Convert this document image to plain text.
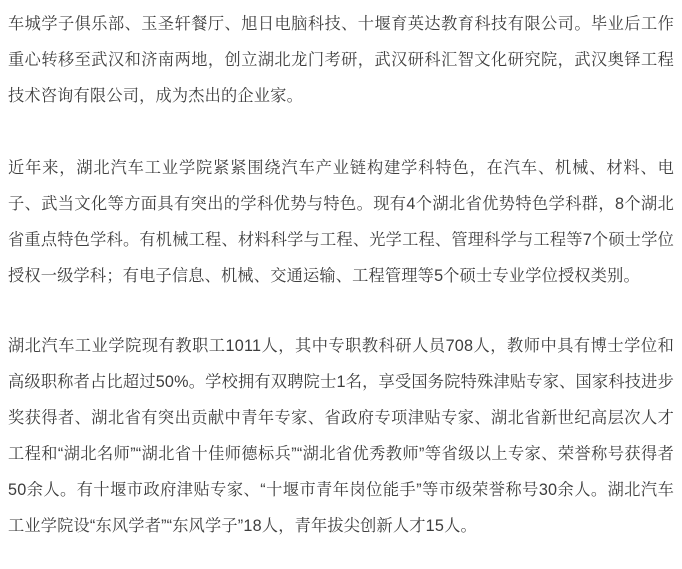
车城学子俱乐部、玉圣轩餐厅、旭日电脑科技、十堰育英达教育科技有限公司。毕业后工作重心转移至武汉和济南两地，创立湖北龙门考研，武汉研科汇智文化研究院，武汉奥铎工程技术咨询有限公司，成为杰出的企业家。

近年来，湖北汽车工业学院紧紧围绕汽车产业链构建学科特色，在汽车、机械、材料、电子、武当文化等方面具有突出的学科优势与特色。现有4个湖北省优势特色学科群，8个湖北省重点特色学科。有机械工程、材料科学与工程、光学工程、管理科学与工程等7个硕士学位授权一级学科；有电子信息、机械、交通运输、工程管理等5个硕士专业学位授权类别。

湖北汽车工业学院现有教职工1011人，其中专职教科研人员708人，教师中具有博士学位和高级职称者占比超过50%。学校拥有双聘院士1名，享受国务院特殊津贴专家、国家科技进步奖获得者、湖北省有突出贡献中青年专家、省政府专项津贴专家、湖北省新世纪高层次人才工程和“湖北名师”“湖北省十佳师德标兵”“湖北省优秀教师”等省级以上专家、荣誉称号获得者50余人。有十堰市政府津贴专家、“十堰市青年岗位能手”等市级荣誉称号30余人。湖北汽车工业学院设“东风学者”“东风学子”18人，青年拔尖创新人才15人。
